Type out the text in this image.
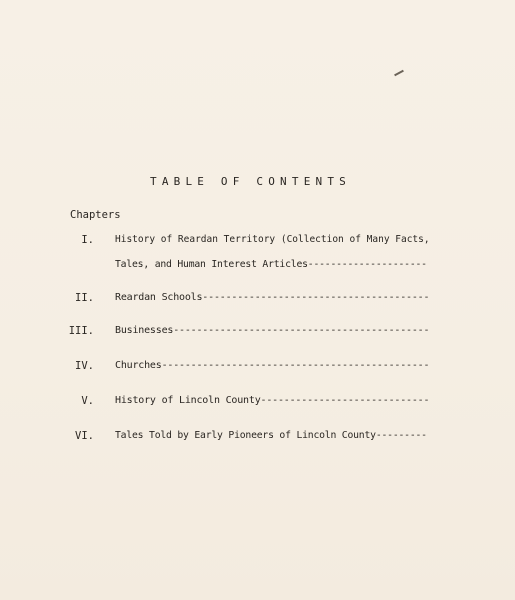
TABLE OF CONTENTS
Chapters
I. History of Reardan Territory (Collection of Many Facts,
Tales, and Human Interest Articles---------------------
II. Reardan Schools---------------------------------------
III. Businesses--------------------------------------------
IV. Churches----------------------------------------------
V. History of Lincoln County-----------------------------
VI. Tales Told by Early Pioneers of Lincoln County---------
